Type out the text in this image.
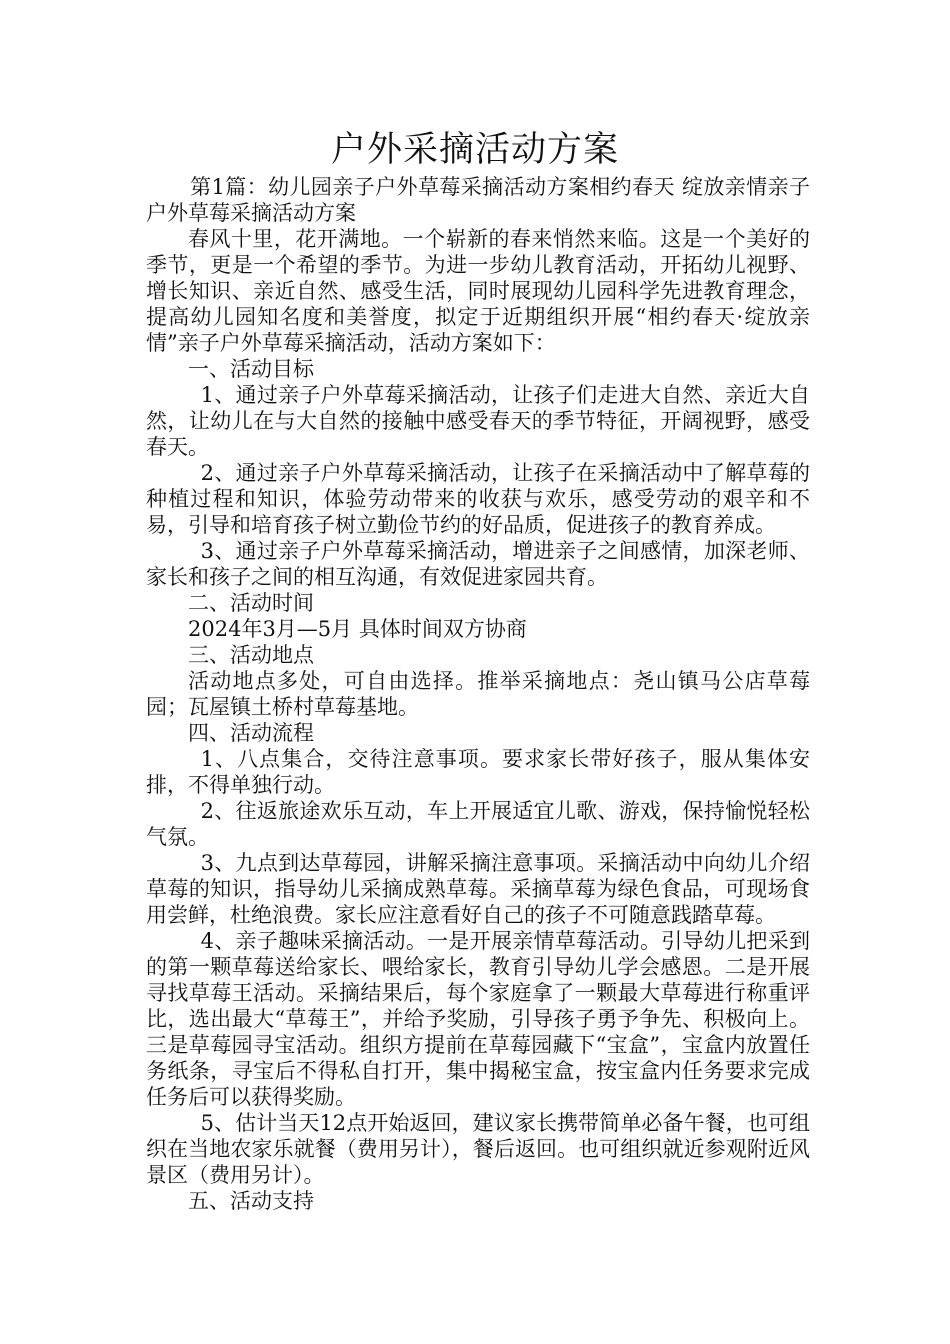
户外采摘活动方案

第1篇：幼儿园亲子户外草莓采摘活动方案相约春天 绽放亲情亲子户外草莓采摘活动方案

春风十里，花开满地。一个崭新的春来悄然来临。这是一个美好的季节，更是一个希望的季节。为进一步幼儿教育活动，开拓幼儿视野、增长知识、亲近自然、感受生活，同时展现幼儿园科学先进教育理念，提高幼儿园知名度和美誉度，拟定于近期组织开展“相约春天·绽放亲情”亲子户外草莓采摘活动，活动方案如下：

一、活动目标

1、通过亲子户外草莓采摘活动，让孩子们走进大自然、亲近大自然，让幼儿在与大自然的接触中感受春天的季节特征，开阔视野，感受春天。

2、通过亲子户外草莓采摘活动，让孩子在采摘活动中了解草莓的种植过程和知识，体验劳动带来的收获与欢乐，感受劳动的艰辛和不易，引导和培育孩子树立勤俭节约的好品质，促进孩子的教育养成。

3、通过亲子户外草莓采摘活动，增进亲子之间感情，加深老师、家长和孩子之间的相互沟通，有效促进家园共育。

二、活动时间

2024年3月—5月 具体时间双方协商

三、活动地点

活动地点多处，可自由选择。推举采摘地点：尧山镇马公店草莓园；瓦屋镇土桥村草莓基地。

四、活动流程

1、八点集合，交待注意事项。要求家长带好孩子，服从集体安排，不得单独行动。

2、往返旅途欢乐互动，车上开展适宜儿歌、游戏，保持愉悦轻松气氛。

3、九点到达草莓园，讲解采摘注意事项。采摘活动中向幼儿介绍草莓的知识，指导幼儿采摘成熟草莓。采摘草莓为绿色食品，可现场食用尝鲜，杜绝浪费。家长应注意看好自己的孩子不可随意践踏草莓。

4、亲子趣味采摘活动。一是开展亲情草莓活动。引导幼儿把采到的第一颗草莓送给家长、喂给家长，教育引导幼儿学会感恩。二是开展寻找草莓王活动。采摘结果后，每个家庭拿了一颗最大草莓进行称重评比，选出最大“草莓王”，并给予奖励，引导孩子勇予争先、积极向上。三是草莓园寻宝活动。组织方提前在草莓园藏下“宝盒”，宝盒内放置任务纸条，寻宝后不得私自打开，集中揭秘宝盒，按宝盒内任务要求完成任务后可以获得奖励。

5、估计当天12点开始返回，建议家长携带简单必备午餐，也可组织在当地农家乐就餐（费用另计），餐后返回。也可组织就近参观附近风景区（费用另计）。

五、活动支持
